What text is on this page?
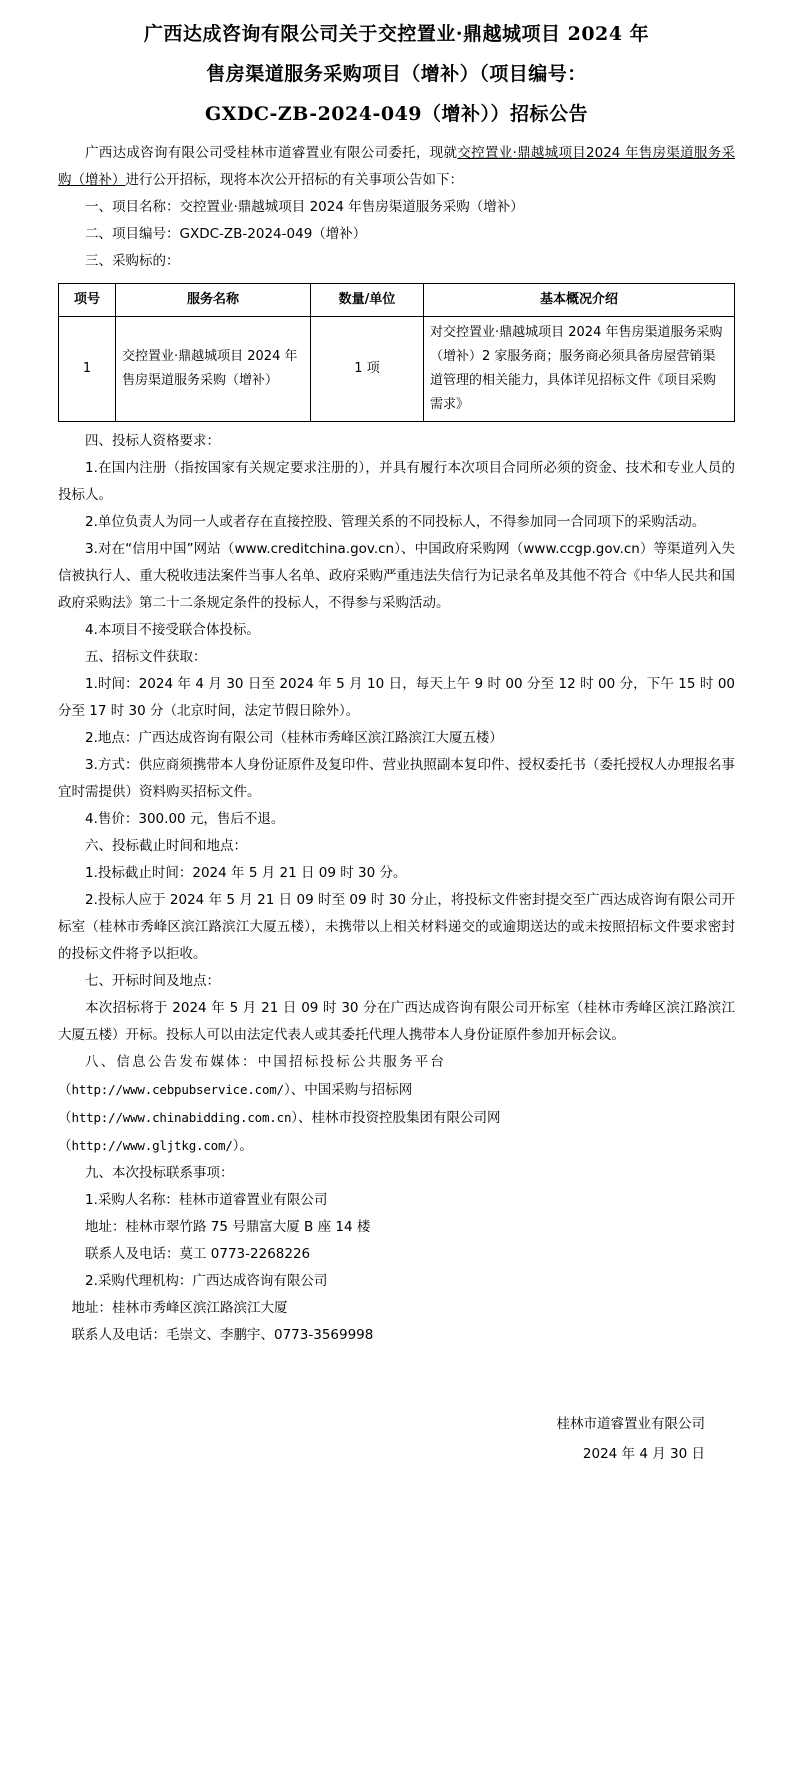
广西达成咨询有限公司关于交控置业·鼎越城项目 2024 年
售房渠道服务采购项目（增补）（项目编号：
GXDC-ZB-2024-049（增补））招标公告

广西达成咨询有限公司受桂林市道睿置业有限公司委托，现就交控置业·鼎越城项目2024 年售房渠道服务采购（增补）进行公开招标，现将本次公开招标的有关事项公告如下：

一、项目名称：交控置业·鼎越城项目 2024 年售房渠道服务采购（增补）

二、项目编号：GXDC-ZB-2024-049（增补）

三、采购标的：

项号	服务名称	数量/单位	基本概况介绍
1	交控置业·鼎越城项目 2024 年售房渠道服务采购（增补）	1 项	对交控置业·鼎越城项目 2024 年售房渠道服务采购（增补）2 家服务商；服务商必须具备房屋营销渠道管理的相关能力，具体详见招标文件《项目采购需求》

四、投标人资格要求：

1.在国内注册（指按国家有关规定要求注册的），并具有履行本次项目合同所必须的资金、技术和专业人员的投标人。

2.单位负责人为同一人或者存在直接控股、管理关系的不同投标人，不得参加同一合同项下的采购活动。

3.对在“信用中国”网站（www.creditchina.gov.cn）、中国政府采购网（www.ccgp.gov.cn）等渠道列入失信被执行人、重大税收违法案件当事人名单、政府采购严重违法失信行为记录名单及其他不符合《中华人民共和国政府采购法》第二十二条规定条件的投标人，不得参与采购活动。

4.本项目不接受联合体投标。

五、招标文件获取：

1.时间：2024 年 4 月 30 日至 2024 年 5 月 10 日，每天上午 9 时 00 分至 12 时 00 分，下午 15 时 00 分至 17 时 30 分（北京时间，法定节假日除外）。

2.地点：广西达成咨询有限公司（桂林市秀峰区滨江路滨江大厦五楼）

3.方式：供应商须携带本人身份证原件及复印件、营业执照副本复印件、授权委托书（委托授权人办理报名事宜时需提供）资料购买招标文件。

4.售价：300.00 元，售后不退。

六、投标截止时间和地点：

1.投标截止时间：2024 年 5 月 21 日 09 时 30 分。

2.投标人应于 2024 年 5 月 21 日 09 时至 09 时 30 分止，将投标文件密封提交至广西达成咨询有限公司开标室（桂林市秀峰区滨江路滨江大厦五楼），未携带以上相关材料递交的或逾期送达的或未按照招标文件要求密封的投标文件将予以拒收。

七、开标时间及地点：

本次招标将于 2024 年 5 月 21 日 09 时 30 分在广西达成咨询有限公司开标室（桂林市秀峰区滨江路滨江大厦五楼）开标。投标人可以由法定代表人或其委托代理人携带本人身份证原件参加开标会议。

八、信息公告发布媒体：中国招标投标公共服务平台

（http://www.cebpubservice.com/）、中国采购与招标网

（http://www.chinabidding.com.cn）、桂林市投资控股集团有限公司网

（http://www.gljtkg.com/）。

九、本次投标联系事项：

1.采购人名称：桂林市道睿置业有限公司

地址：桂林市翠竹路 75 号鼎富大厦 B 座 14 楼

联系人及电话：莫工 0773-2268226

2.采购代理机构：广西达成咨询有限公司

地址：桂林市秀峰区滨江路滨江大厦

联系人及电话：毛崇文、李鹏宇、0773-3569998

桂林市道睿置业有限公司
2024 年 4 月 30 日
